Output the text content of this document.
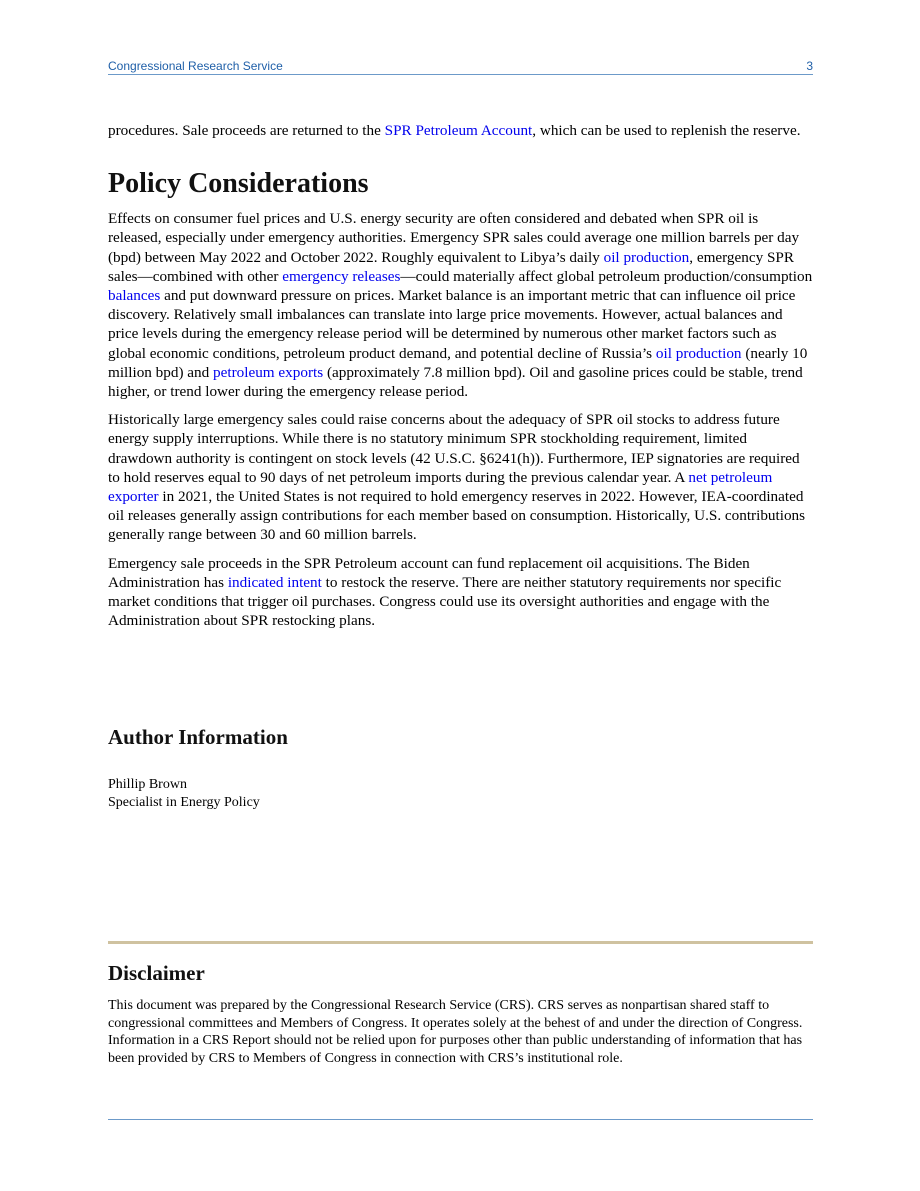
Congressional Research Service	3

procedures. Sale proceeds are returned to the SPR Petroleum Account, which can be used to replenish the reserve.

Policy Considerations

Effects on consumer fuel prices and U.S. energy security are often considered and debated when SPR oil is released, especially under emergency authorities. Emergency SPR sales could average one million barrels per day (bpd) between May 2022 and October 2022. Roughly equivalent to Libya’s daily oil production, emergency SPR sales—combined with other emergency releases—could materially affect global petroleum production/consumption balances and put downward pressure on prices. Market balance is an important metric that can influence oil price discovery. Relatively small imbalances can translate into large price movements. However, actual balances and price levels during the emergency release period will be determined by numerous other market factors such as global economic conditions, petroleum product demand, and potential decline of Russia’s oil production (nearly 10 million bpd) and petroleum exports (approximately 7.8 million bpd). Oil and gasoline prices could be stable, trend higher, or trend lower during the emergency release period.

Historically large emergency sales could raise concerns about the adequacy of SPR oil stocks to address future energy supply interruptions. While there is no statutory minimum SPR stockholding requirement, limited drawdown authority is contingent on stock levels (42 U.S.C. §6241(h)). Furthermore, IEP signatories are required to hold reserves equal to 90 days of net petroleum imports during the previous calendar year. A net petroleum exporter in 2021, the United States is not required to hold emergency reserves in 2022. However, IEA-coordinated oil releases generally assign contributions for each member based on consumption. Historically, U.S. contributions generally range between 30 and 60 million barrels.

Emergency sale proceeds in the SPR Petroleum account can fund replacement oil acquisitions. The Biden Administration has indicated intent to restock the reserve. There are neither statutory requirements nor specific market conditions that trigger oil purchases. Congress could use its oversight authorities and engage with the Administration about SPR restocking plans.

Author Information

Phillip Brown
Specialist in Energy Policy

Disclaimer

This document was prepared by the Congressional Research Service (CRS). CRS serves as nonpartisan shared staff to congressional committees and Members of Congress. It operates solely at the behest of and under the direction of Congress. Information in a CRS Report should not be relied upon for purposes other than public understanding of information that has been provided by CRS to Members of Congress in connection with CRS’s institutional role.
